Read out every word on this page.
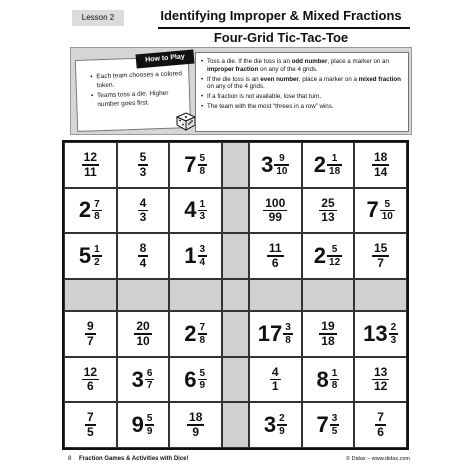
Lesson 2	Identifying Improper & Mixed Fractions
Four-Grid Tic-Tac-Toe
• Each team chooses a colored token.
• Teams toss a die. Higher number goes first.
How to Play
•	Toss a die. If the die toss is an odd number, place a marker on an improper fraction on any of the 4 grids.
• If the die toss is an even number, place a marker on a mixed fraction on any of the 4 grids.
• If a fraction is not available, lose that turn.
• The team with the most “threes in a row” wins.
$\frac{12}{11}$	$\frac{5}{3} 7 \frac{5}{8}$
$2 \frac{7}{8}$	$\frac{4}{3} 4 \frac{1}{3}$
$5 \frac{1}{2}$	$\frac{8}{4} 1 \frac{3}{4}$
$3 \frac{9}{10} 2 \frac{1}{18} \frac{18}{14}$
$\frac{100}{99}$	$\frac{25}{13} 7 \frac{5}{10}$
$\frac{11}{6} 2 \frac{5}{12} \frac{15}{7}$
$\frac{9}{7}$	$\frac{20}{10} 2 \frac{7}{8}$
$\frac{12}{6} 3 \frac{6}{7} 6 \frac{5}{9}$
$\frac{7}{5} 9 \frac{5}{9}$	$\frac{18}{9}$
$17 \frac{3}{8} \frac{19}{18} 13 \frac{2}{3}$
$\frac{4}{1} 8 \frac{1}{8}$	$\frac{13}{12}$
$3 \frac{2}{9} 7 \frac{3}{5}$	$\frac{7}{6}$
8 Fraction Games & Activities with Dice!	© Didax – www.didax.com
